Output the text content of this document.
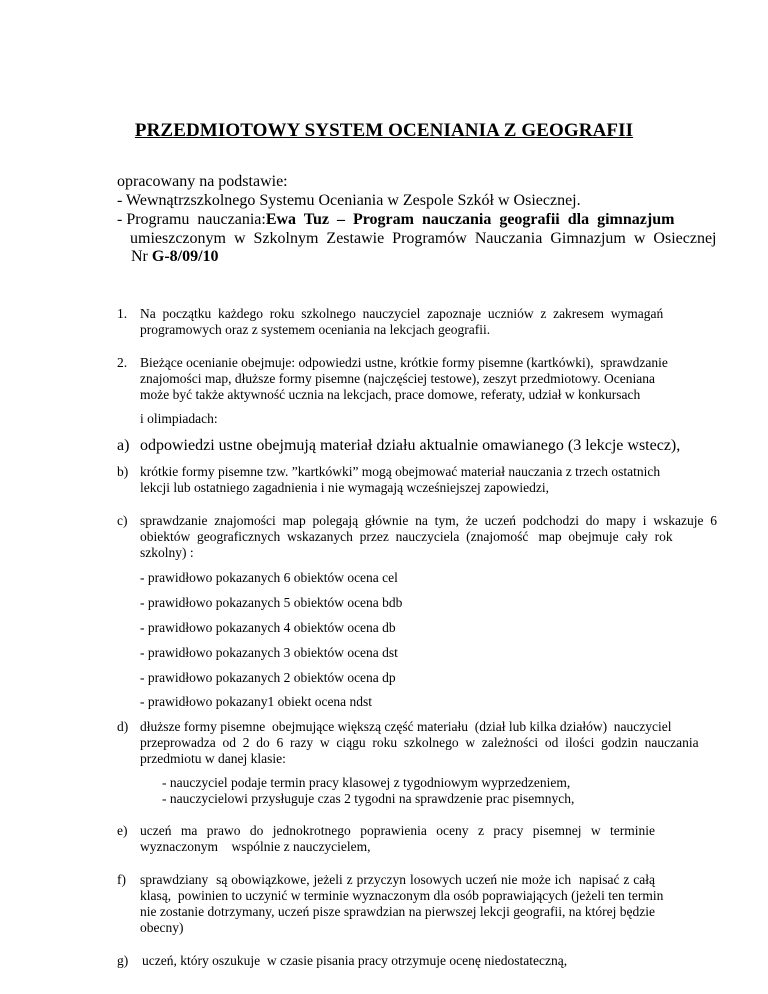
PRZEDMIOTOWY SYSTEM OCENIANIA Z GEOGRAFII
opracowany na podstawie:
- Wewnątrzszkolnego Systemu Oceniania w Zespole Szkół w Osiecznej.
- Programu  nauczania: Ewa  Tuz  –  Program  nauczania  geografii  dla  gimnazjum
umieszczonym  w  Szkolnym  Zestawie  Programów  Nauczania  Gimnazjum  w  Osiecznej
Nr G-8/09/10
1. Na  początku  każdego  roku  szkolnego  nauczyciel  zapoznaje  uczniów  z  zakresem  wymagań
programowych oraz z systemem oceniania na lekcjach geografii.
2. Bieżące ocenianie obejmuje: odpowiedzi ustne, krótkie formy pisemne (kartkówki),  sprawdzanie
znajomości map, dłuższe formy pisemne (najczęściej testowe), zeszyt przedmiotowy. Oceniana
może być także aktywność ucznia na lekcjach, prace domowe, referaty, udział w konkursach
i olimpiadach:
a) odpowiedzi ustne obejmują materiał działu aktualnie omawianego (3 lekcje wstecz),
b) krótkie formy pisemne tzw. ”kartkówki” mogą obejmować materiał nauczania z trzech ostatnich
lekcji lub ostatniego zagadnienia i nie wymagają wcześniejszej zapowiedzi,
c) sprawdzanie  znajomości  map  polegają  głównie  na  tym,  że  uczeń  podchodzi  do  mapy  i  wskazuje  6
obiektów  geograficznych  wskazanych  przez  nauczyciela  (znajomość   map  obejmuje  cały  rok
szkolny) :
- prawidłowo pokazanych 6 obiektów ocena cel
- prawidłowo pokazanych 5 obiektów ocena bdb
- prawidłowo pokazanych 4 obiektów ocena db
- prawidłowo pokazanych 3 obiektów ocena dst
- prawidłowo pokazanych 2 obiektów ocena dp
- prawidłowo pokazany1 obiekt ocena ndst
d) dłuższe formy pisemne  obejmujące większą część materiału  (dział lub kilka działów)  nauczyciel
przeprowadza  od  2  do  6  razy  w  ciągu  roku  szkolnego  w  zależności  od  ilości  godzin  nauczania
przedmiotu w danej klasie:
- nauczyciel podaje termin pracy klasowej z tygodniowym wyprzedzeniem,
- nauczycielowi przysługuje czas 2 tygodni na sprawdzenie prac pisemnych,
e) uczeń  ma  prawo  do  jednokrotnego  poprawienia  oceny  z  pracy  pisemnej  w  terminie
wyznaczonym    wspólnie z nauczycielem,
f) sprawdziany  są obowiązkowe, jeżeli z przyczyn losowych uczeń nie może ich  napisać z całą
klasą,  powinien to uczynić w terminie wyznaczonym dla osób poprawiających (jeżeli ten termin
nie zostanie dotrzymany, uczeń pisze sprawdzian na pierwszej lekcji geografii, na której będzie
obecny)
g) uczeń, który oszukuje  w czasie pisania pracy otrzymuje ocenę niedostateczną,
